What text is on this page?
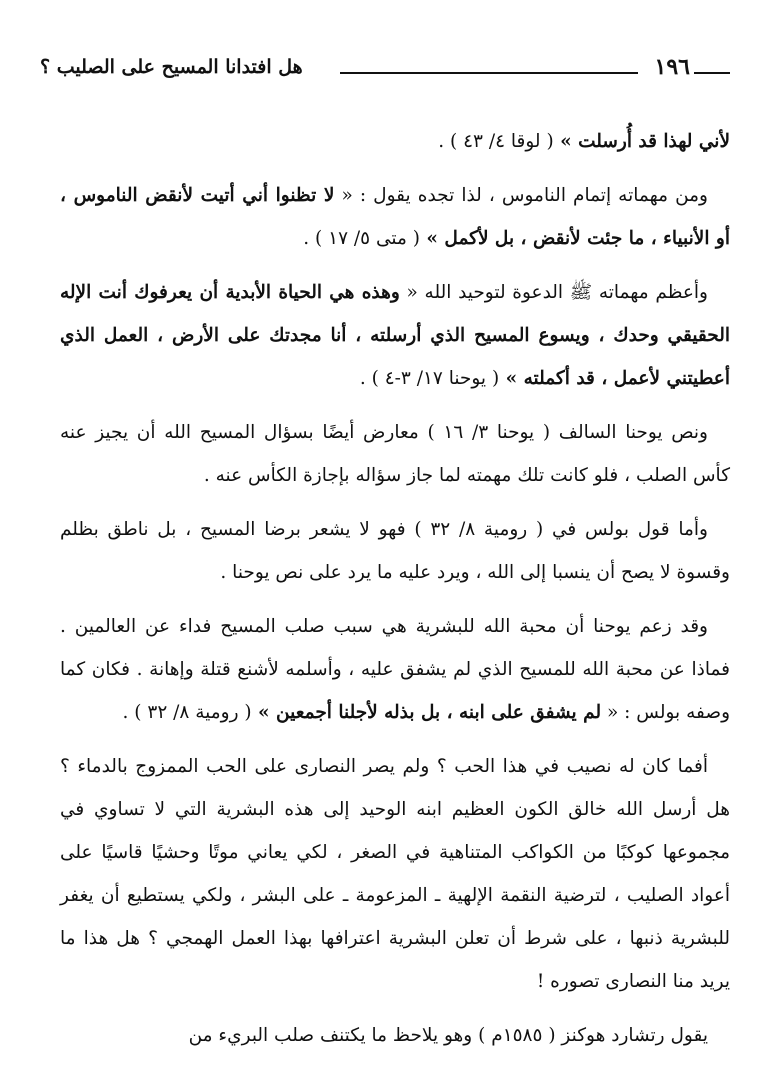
١٩٦
هل افتدانا المسيح على الصليب ؟

لأني لهذا قد أُرسلت » ( لوقا ٤/ ٤٣ ) .

ومن مهماته إتمام الناموس ، لذا تجده يقول : « لا تظنوا أني أتيت لأنقض الناموس ، أو الأنبياء ، ما جئت لأنقض ، بل لأكمل » ( متى ٥/ ١٧ ) .

وأعظم مهماته ﷺ الدعوة لتوحيد الله « وهذه هي الحياة الأبدية أن يعرفوك أنت الإله الحقيقي وحدك ، ويسوع المسيح الذي أرسلته ، أنا مجدتك على الأرض ، العمل الذي أعطيتني لأعمل ، قد أكملته » ( يوحنا ١٧/ ٣-٤ ) .

ونص يوحنا السالف ( يوحنا ٣/ ١٦ ) معارض أيضًا بسؤال المسيح الله أن يجيز عنه كأس الصلب ، فلو كانت تلك مهمته لما جاز سؤاله بإجازة الكأس عنه .

وأما قول بولس في ( رومية ٨/ ٣٢ ) فهو لا يشعر برضا المسيح ، بل ناطق بظلم وقسوة لا يصح أن ينسبا إلى الله ، ويرد عليه ما يرد على نص يوحنا .

وقد زعم يوحنا أن محبة الله للبشرية هي سبب صلب المسيح فداء عن العالمين . فماذا عن محبة الله للمسيح الذي لم يشفق عليه ، وأسلمه لأشنع قتلة وإهانة . فكان كما وصفه بولس : « لم يشفق على ابنه ، بل بذله لأجلنا أجمعين » ( رومية ٨/ ٣٢ ) .

أفما كان له نصيب في هذا الحب ؟ ولم يصر النصارى على الحب الممزوج بالدماء ؟ هل أرسل الله خالق الكون العظيم ابنه الوحيد إلى هذه البشرية التي لا تساوي في مجموعها كوكبًا من الكواكب المتناهية في الصغر ، لكي يعاني موتًا وحشيًا قاسيًا على أعواد الصليب ، لترضية النقمة الإلهية ـ المزعومة ـ على البشر ، ولكي يستطيع أن يغفر للبشرية ذنبها ، على شرط أن تعلن البشرية اعترافها بهذا العمل الهمجي ؟ هل هذا ما يريد منا النصارى تصوره !

يقول رتشارد هوكنز ( ١٥٨٥م ) وهو يلاحظ ما يكتنف صلب البريء من
